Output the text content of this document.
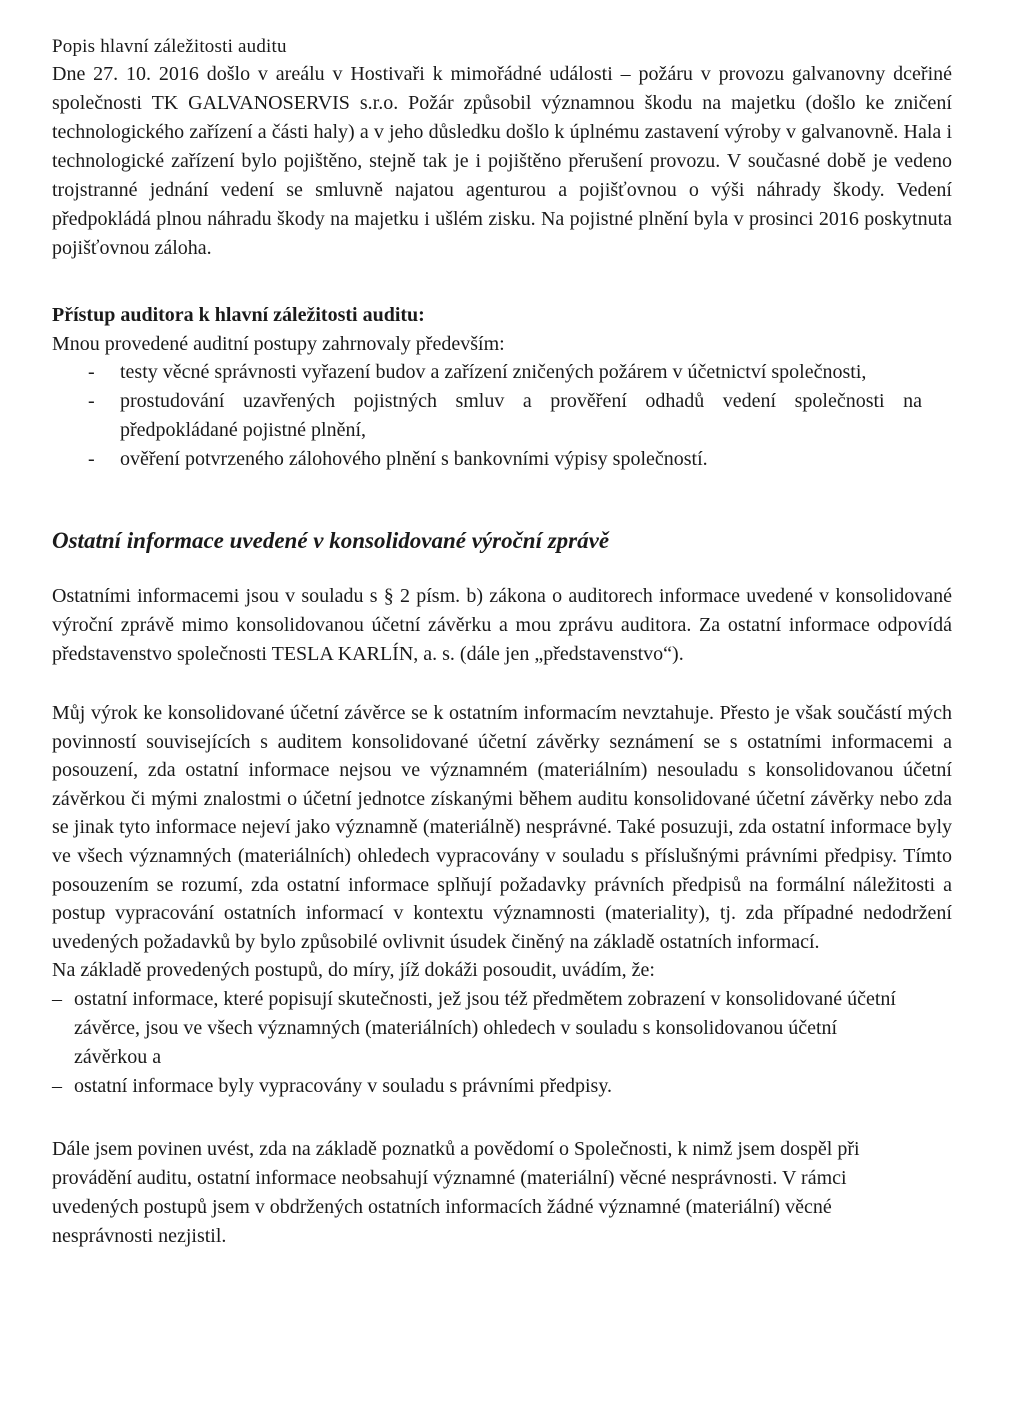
Popis hlavní záležitosti auditu

Dne 27. 10. 2016 došlo v areálu v Hostivaři k mimořádné události – požáru v provozu galvanovny dceřiné společnosti TK GALVANOSERVIS s.r.o. Požár způsobil významnou škodu na majetku (došlo ke zničení technologického zařízení a části haly) a v jeho důsledku došlo k úplnému zastavení výroby v galvanovně. Hala i technologické zařízení bylo pojištěno, stejně tak je i pojištěno přerušení provozu. V současné době je vedeno trojstranné jednání vedení se smluvně najatou agenturou a pojišťovnou o výši náhrady škody. Vedení předpokládá plnou náhradu škody na majetku i ušlém zisku. Na pojistné plnění byla v prosinci 2016 poskytnuta pojišťovnou záloha.

Přístup auditora k hlavní záležitosti auditu:

Mnou provedené auditní postupy zahrnovaly především:

- testy věcné správnosti vyřazení budov a zařízení zničených požárem v účetnictví společnosti,
- prostudování uzavřených pojistných smluv a prověření odhadů vedení společnosti na předpokládané pojistné plnění,
- ověření potvrzeného zálohového plnění s bankovními výpisy společností.
Ostatní informace uvedené v konsolidované výroční zprávě

Ostatními informacemi jsou v souladu s § 2 písm. b) zákona o auditorech informace uvedené v konsolidované výroční zprávě mimo konsolidovanou účetní závěrku a mou zprávu auditora. Za ostatní informace odpovídá představenstvo společnosti TESLA KARLÍN, a. s. (dále jen „představenstvo“).

Můj výrok ke konsolidované účetní závěrce se k ostatním informacím nevztahuje. Přesto je však součástí mých povinností souvisejících s auditem konsolidované účetní závěrky seznámení se s ostatními informacemi a posouzení, zda ostatní informace nejsou ve významném (materiálním) nesouladu s konsolidovanou účetní závěrkou či mými znalostmi o účetní jednotce získanými během auditu konsolidované účetní závěrky nebo zda se jinak tyto informace nejeví jako významně (materiálně) nesprávné. Také posuzuji, zda ostatní informace byly ve všech významných (materiálních) ohledech vypracovány v souladu s příslušnými právními předpisy. Tímto posouzením se rozumí, zda ostatní informace splňují požadavky právních předpisů na formální náležitosti a postup vypracování ostatních informací v kontextu významnosti (materiality), tj. zda případné nedodržení uvedených požadavků by bylo způsobilé ovlivnit úsudek činěný na základě ostatních informací.

Na základě provedených postupů, do míry, jíž dokáži posoudit, uvádím, že:

– ostatní informace, které popisují skutečnosti, jež jsou též předmětem zobrazení v konsolidované účetní závěrce, jsou ve všech významných (materiálních) ohledech v souladu s konsolidovanou účetní závěrkou a
– ostatní informace byly vypracovány v souladu s právními předpisy.

Dále jsem povinen uvést, zda na základě poznatků a povědomí o Společnosti, k nimž jsem dospěl při provádění auditu, ostatní informace neobsahují významné (materiální) věcné nesprávnosti. V rámci uvedených postupů jsem v obdržených ostatních informacích žádné významné (materiální) věcné nesprávnosti nezjistil.
